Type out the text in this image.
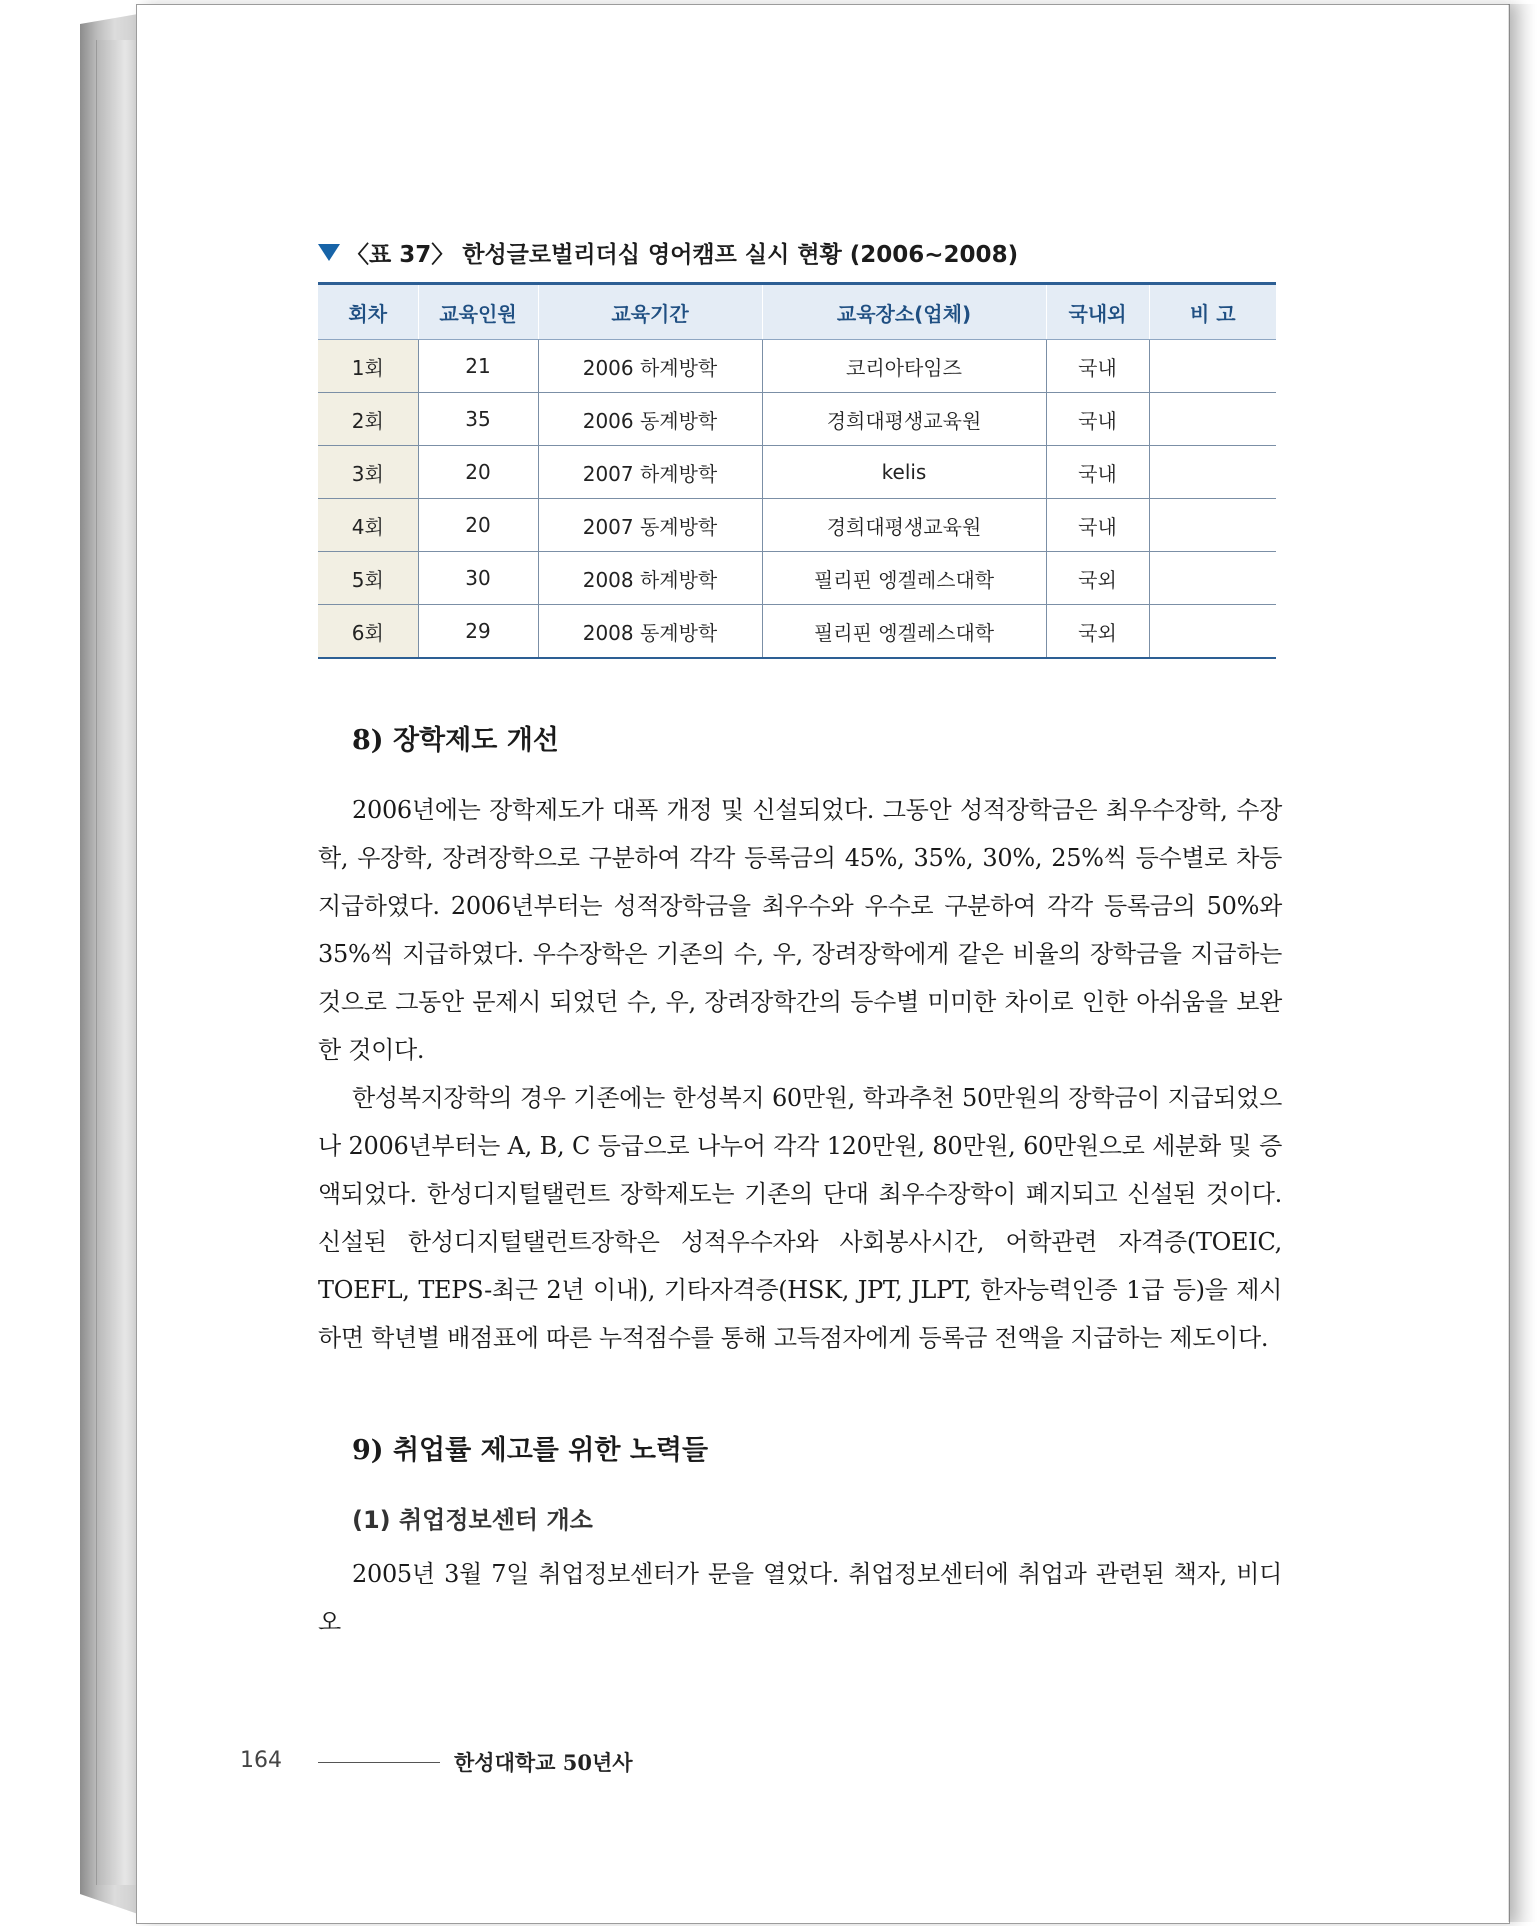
〈표 37〉 한성글로벌리더십 영어캠프 실시 현황 (2006~2008)
회차	교육인원	교육기간	교육장소(업체)	국내외	비 고
1회	21	2006 하계방학	코리아타임즈	국내	
2회	35	2006 동계방학	경희대평생교육원	국내	
3회	20	2007 하계방학	kelis	국내	
4회	20	2007 동계방학	경희대평생교육원	국내	
5회	30	2008 하계방학	필리핀 엥겔레스대학	국외	
6회	29	2008 동계방학	필리핀 엥겔레스대학	국외	
8) 장학제도 개선
2006년에는 장학제도가 대폭 개정 및 신설되었다. 그동안 성적장학금은 최우수장학, 수장학, 우장학, 장려장학으로 구분하여 각각 등록금의 45%, 35%, 30%, 25%씩 등수별로 차등 지급하였다. 2006년부터는 성적장학금을 최우수와 우수로 구분하여 각각 등록금의 50%와 35%씩 지급하였다. 우수장학은 기존의 수, 우, 장려장학에게 같은 비율의 장학금을 지급하는 것으로 그동안 문제시 되었던 수, 우, 장려장학간의 등수별 미미한 차이로 인한 아쉬움을 보완한 것이다.
한성복지장학의 경우 기존에는 한성복지 60만원, 학과추천 50만원의 장학금이 지급되었으나 2006년부터는 A, B, C 등급으로 나누어 각각 120만원, 80만원, 60만원으로 세분화 및 증액되었다. 한성디지털탤런트 장학제도는 기존의 단대 최우수장학이 폐지되고 신설된 것이다. 신설된 한성디지털탤런트장학은 성적우수자와 사회봉사시간, 어학관련 자격증(TOEIC, TOEFL, TEPS-최근 2년 이내), 기타자격증(HSK, JPT, JLPT, 한자능력인증 1급 등)을 제시하면 학년별 배점표에 따른 누적점수를 통해 고득점자에게 등록금 전액을 지급하는 제도이다.
9) 취업률 제고를 위한 노력들
(1) 취업정보센터 개소
2005년 3월 7일 취업정보센터가 문을 열었다. 취업정보센터에 취업과 관련된 책자, 비디오
164	한성대학교 50년사
